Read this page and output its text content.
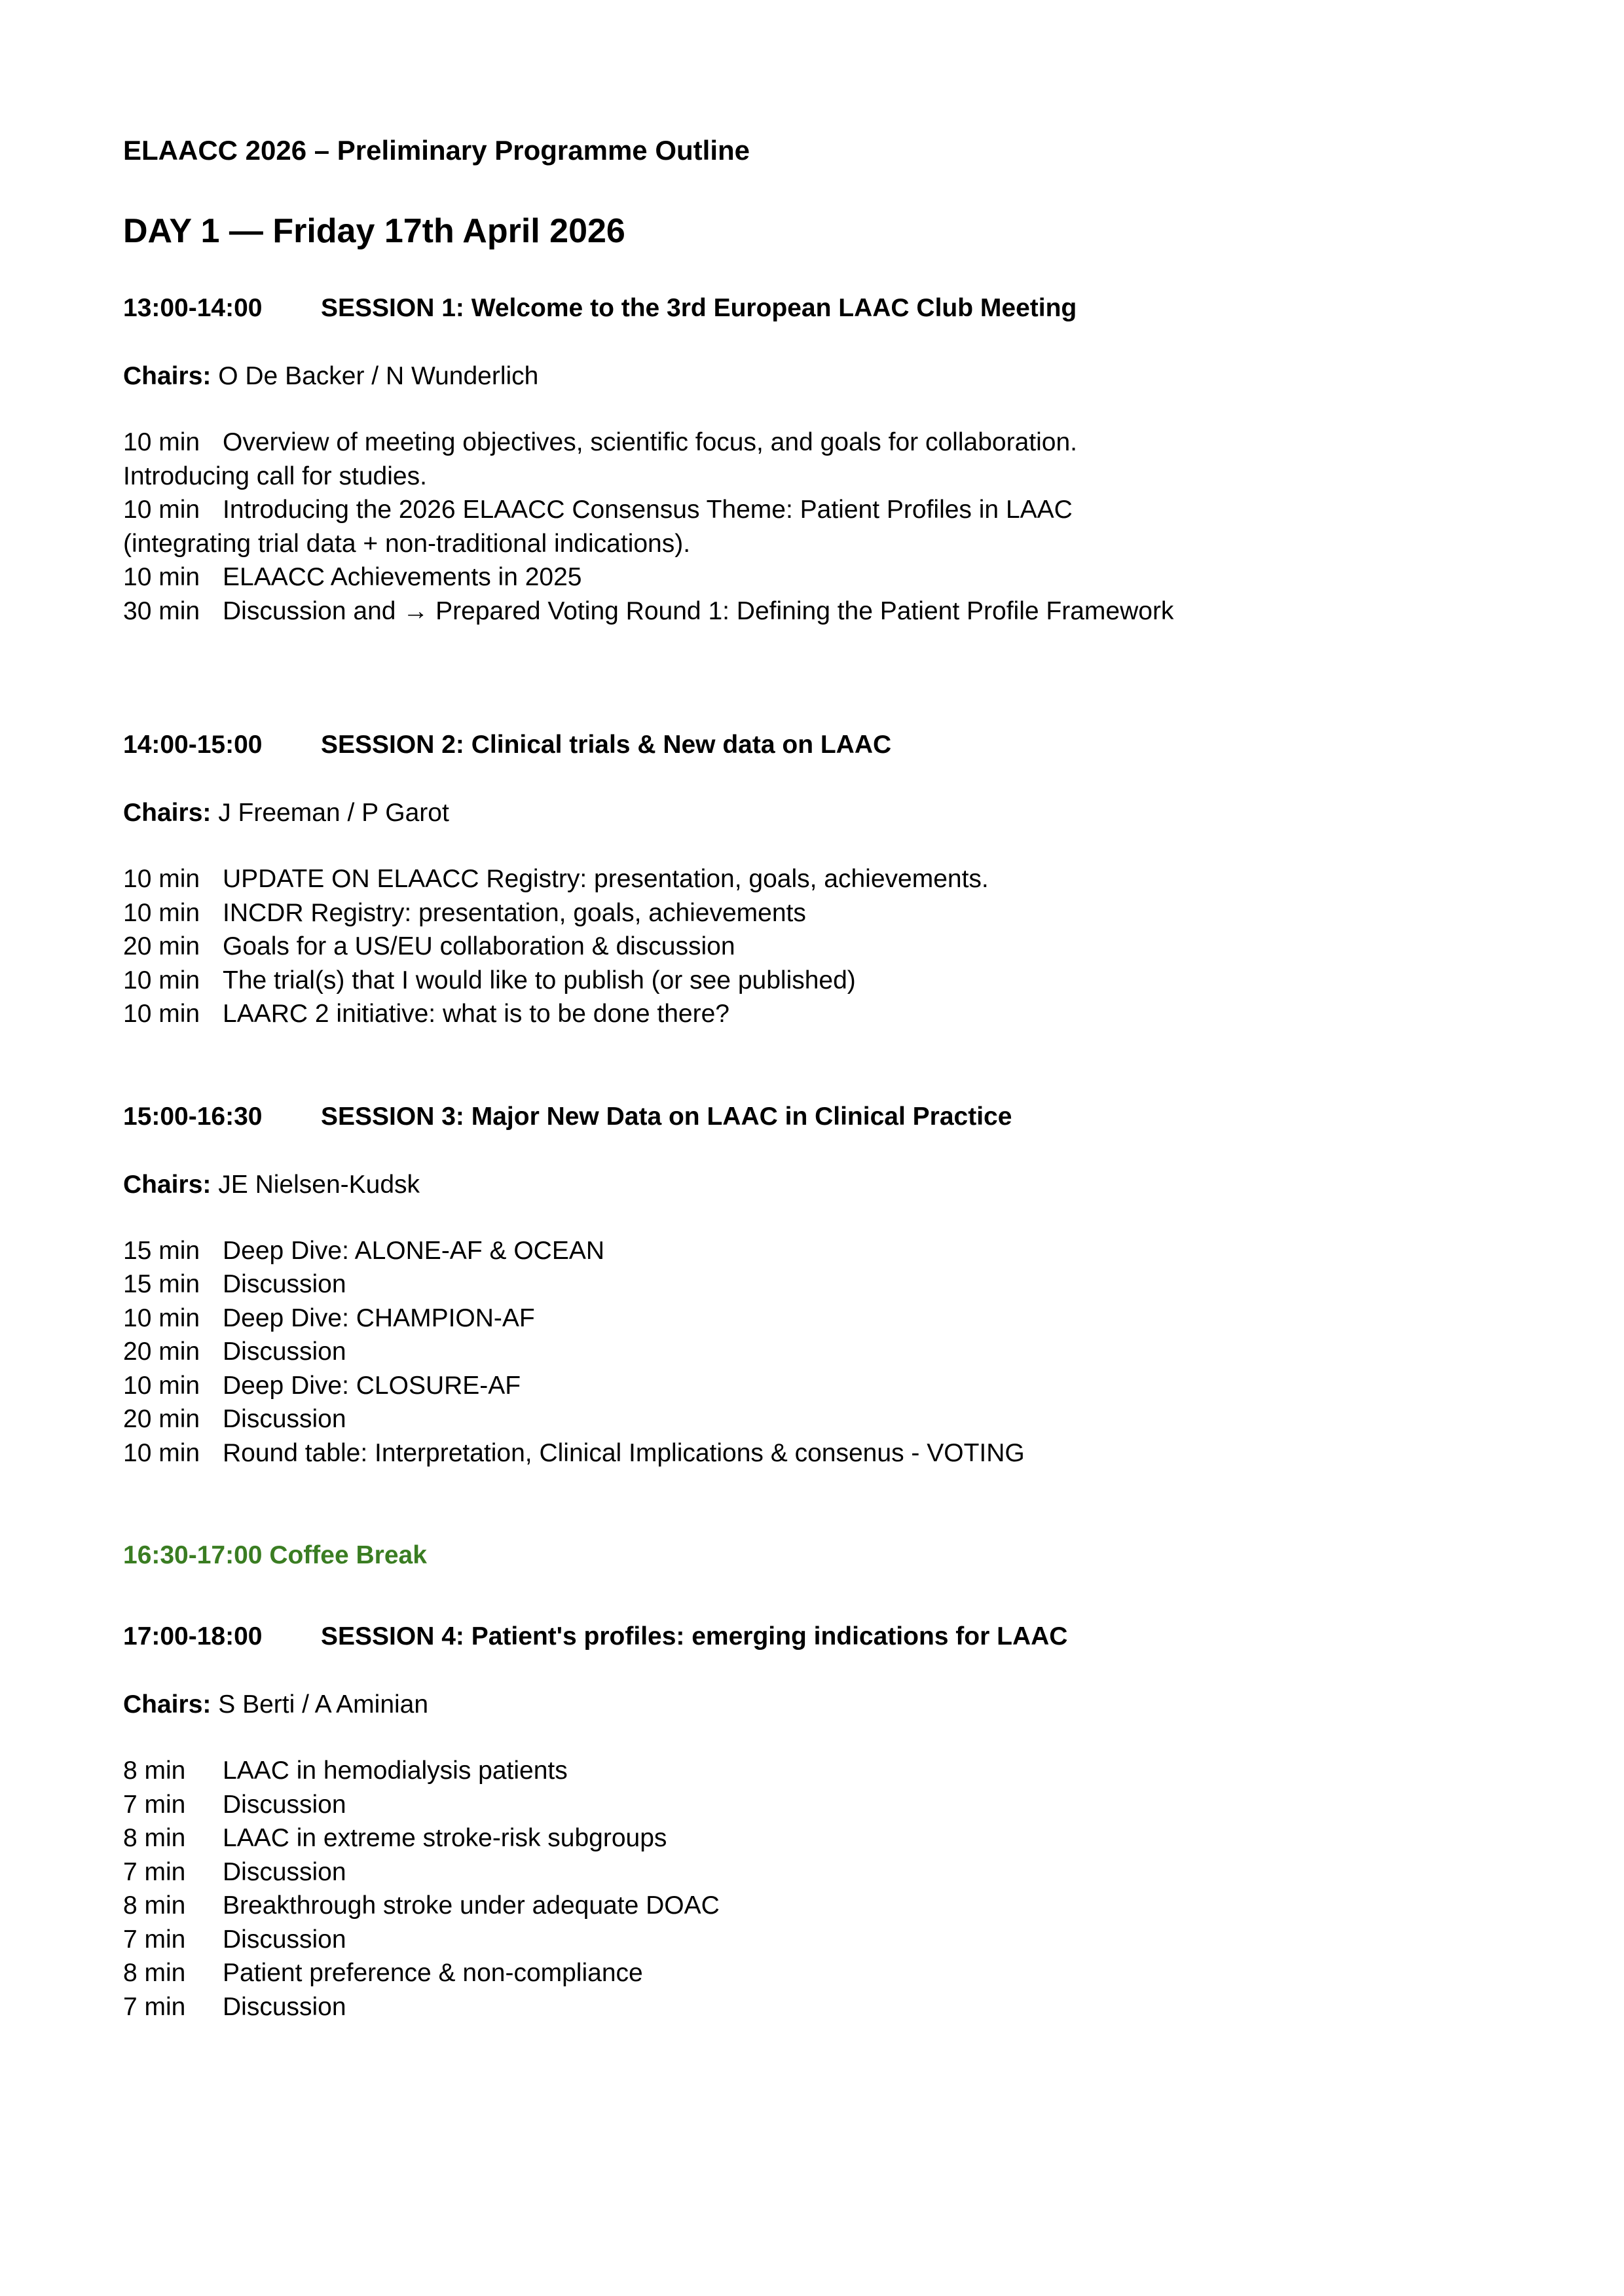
ELAACC 2026 – Preliminary Programme Outline
DAY 1 — Friday 17th April 2026
13:00-14:00	SESSION 1: Welcome to the 3rd European LAAC Club Meeting
Chairs: O De Backer / N Wunderlich
10 min Overview of meeting objectives, scientific focus, and goals for collaboration.
Introducing call for studies.
10 min Introducing the 2026 ELAACC Consensus Theme: Patient Profiles in LAAC
(integrating trial data + non-traditional indications).
10 min ELAACC Achievements in 2025
30 min Discussion and → Prepared Voting Round 1: Defining the Patient Profile Framework
14:00-15:00	SESSION 2: Clinical trials & New data on LAAC
Chairs: J Freeman / P Garot
10 min UPDATE ON ELAACC Registry: presentation, goals, achievements.
10 min INCDR Registry: presentation, goals, achievements
20 min Goals for a US/EU collaboration & discussion
10 min The trial(s) that I would like to publish (or see published)
10 min LAARC 2 initiative: what is to be done there?
15:00-16:30	SESSION 3: Major New Data on LAAC in Clinical Practice
Chairs: JE Nielsen-Kudsk
15 min Deep Dive: ALONE-AF & OCEAN
15 min Discussion
10 min Deep Dive: CHAMPION-AF
20 min Discussion
10 min Deep Dive: CLOSURE-AF
20 min Discussion
10 min Round table: Interpretation, Clinical Implications & consenus - VOTING
16:30-17:00 Coffee Break
17:00-18:00	SESSION 4: Patient's profiles: emerging indications for LAAC
Chairs: S Berti / A Aminian
8 min LAAC in hemodialysis patients
7 min Discussion
8 min LAAC in extreme stroke-risk subgroups
7 min Discussion
8 min Breakthrough stroke under adequate DOAC
7 min Discussion
8 min Patient preference & non-compliance
7 min Discussion
